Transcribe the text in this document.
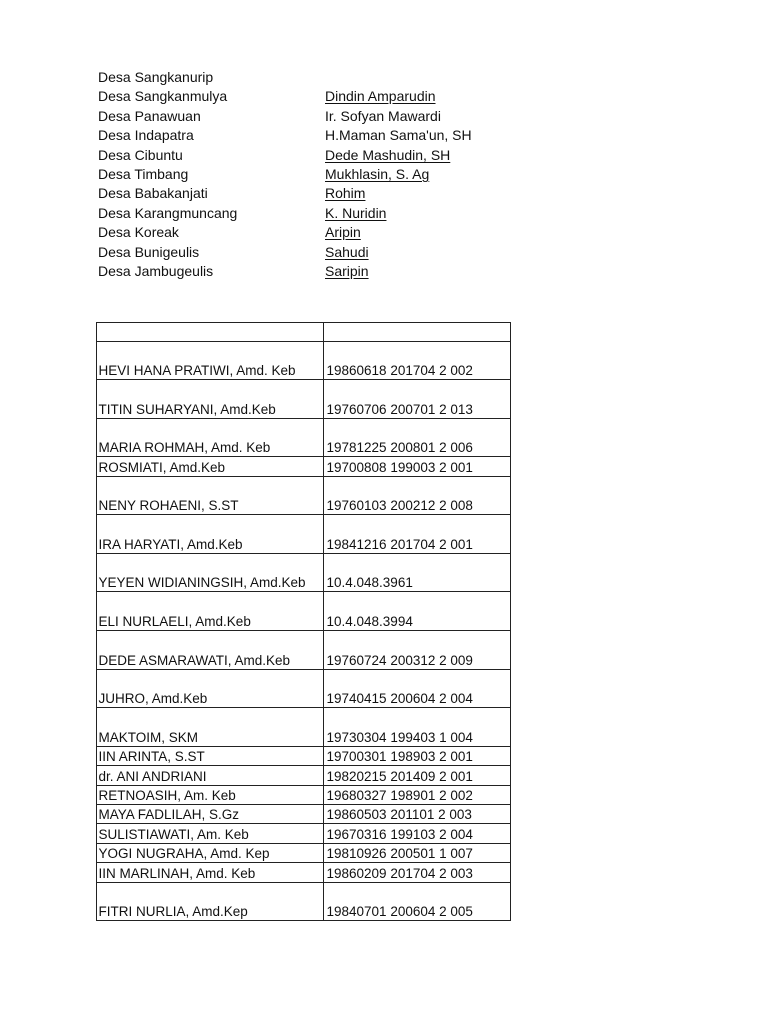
Desa Sangkanurip
Desa Sangkanmulya	Dindin Amparudin
Desa Panawuan	Ir. Sofyan Mawardi
Desa Indapatra	H.Maman Sama'un, SH
Desa Cibuntu	Dede Mashudin, SH
Desa Timbang	Mukhlasin, S. Ag
Desa Babakanjati	Rohim
Desa Karangmuncang	K. Nuridin
Desa Koreak	Aripin
Desa Bunigeulis	Sahudi
Desa Jambugeulis	Saripin

HEVI HANA PRATIWI, Amd. Keb	19860618 201704 2 002
TITIN SUHARYANI, Amd.Keb	19760706 200701 2 013
MARIA ROHMAH, Amd. Keb	19781225 200801 2 006
ROSMIATI, Amd.Keb	19700808 199003 2 001
NENY ROHAENI, S.ST	19760103 200212 2 008
IRA HARYATI, Amd.Keb	19841216 201704 2 001
YEYEN WIDIANINGSIH, Amd.Keb	10.4.048.3961
ELI NURLAELI, Amd.Keb	10.4.048.3994
DEDE ASMARAWATI, Amd.Keb	19760724 200312 2 009
JUHRO, Amd.Keb	19740415 200604 2 004
MAKTOIM, SKM	19730304 199403 1 004
IIN ARINTA, S.ST	19700301 198903 2 001
dr. ANI ANDRIANI	19820215 201409 2 001
RETNOASIH, Am. Keb	19680327 198901 2 002
MAYA FADLILAH, S.Gz	19860503 201101 2 003
SULISTIAWATI, Am. Keb	19670316 199103 2 004
YOGI NUGRAHA, Amd. Kep	19810926 200501 1 007
IIN MARLINAH, Amd. Keb	19860209 201704 2 003
FITRI NURLIA, Amd.Kep	19840701 200604 2 005
